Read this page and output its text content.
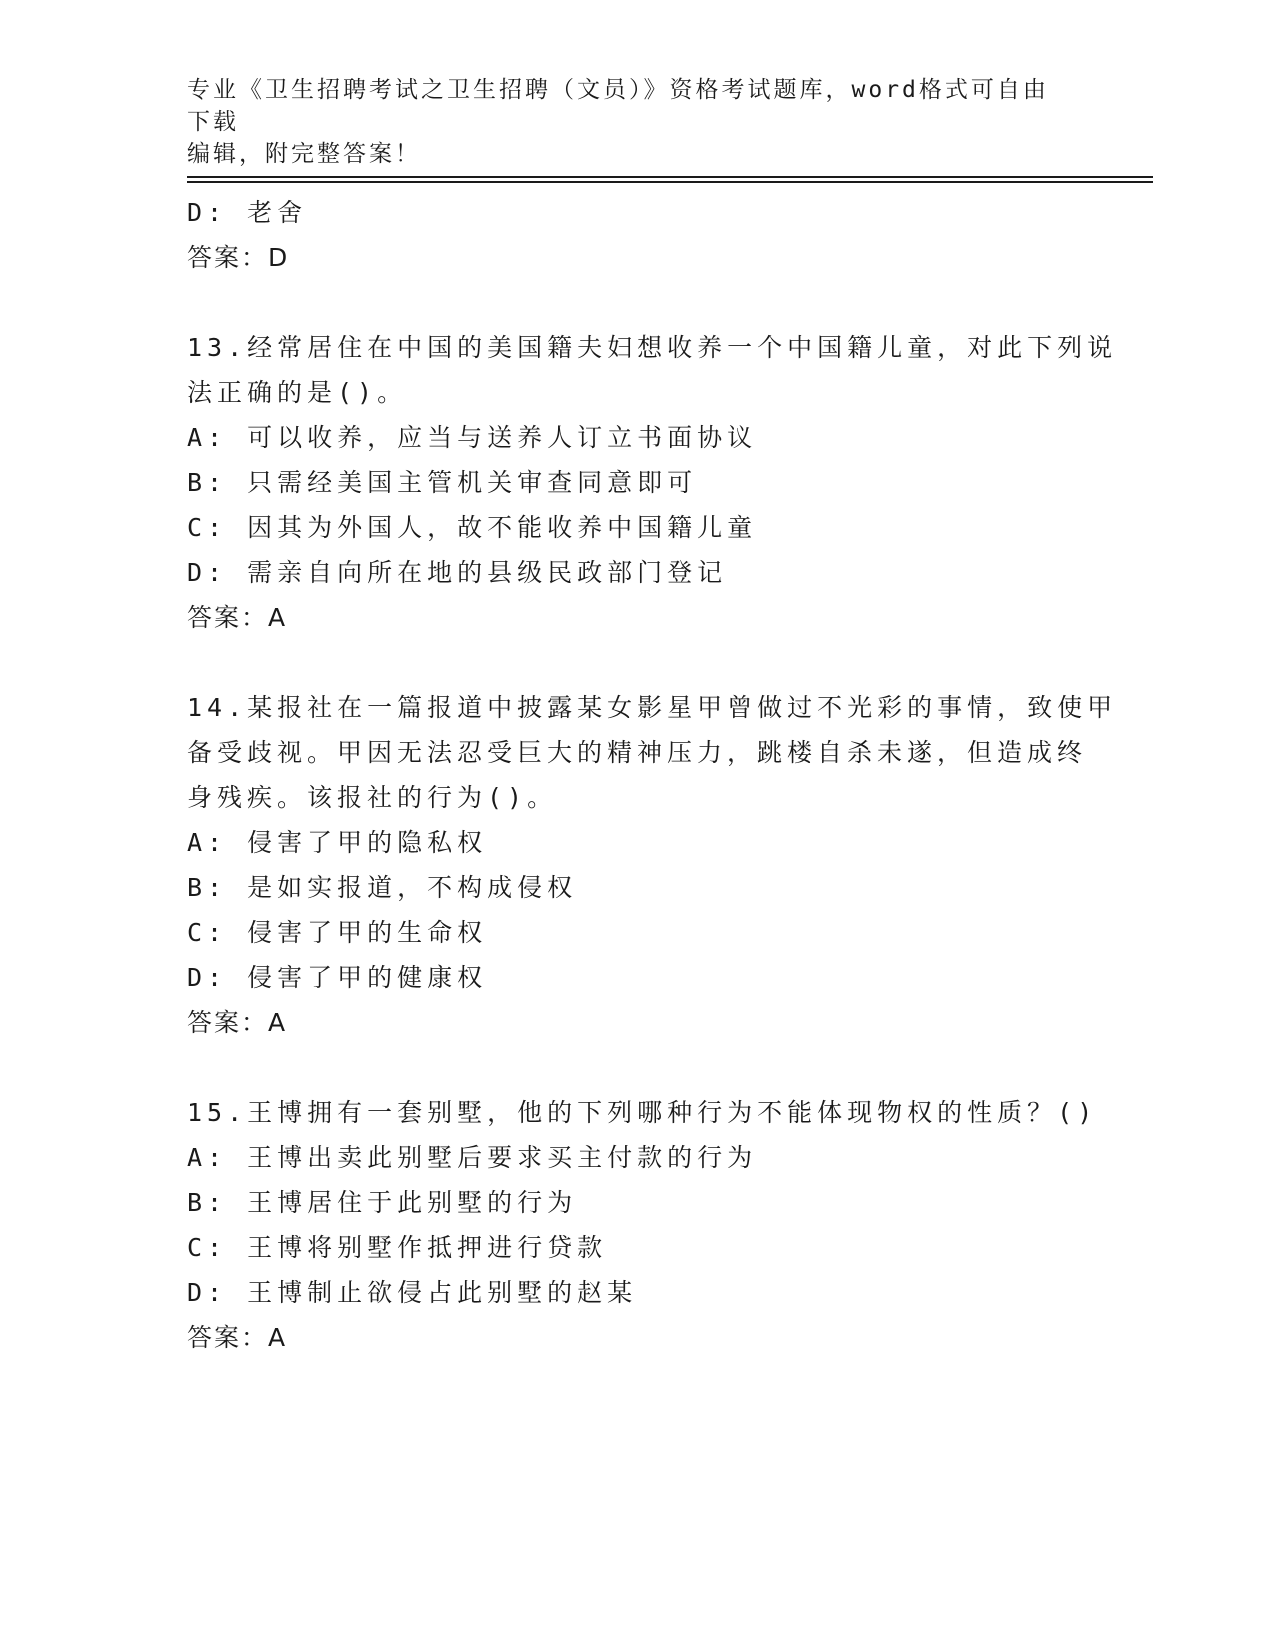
专业《卫生招聘考试之卫生招聘（文员）》资格考试题库，word格式可自由下载
编辑，附完整答案！
D: 老舍
答案：D
13.经常居住在中国的美国籍夫妇想收养一个中国籍儿童，对此下列说
法正确的是()。
A: 可以收养，应当与送养人订立书面协议
B: 只需经美国主管机关审查同意即可
C: 因其为外国人，故不能收养中国籍儿童
D: 需亲自向所在地的县级民政部门登记
答案：A
14.某报社在一篇报道中披露某女影星甲曾做过不光彩的事情，致使甲
备受歧视。甲因无法忍受巨大的精神压力，跳楼自杀未遂，但造成终
身残疾。该报社的行为()。
A: 侵害了甲的隐私权
B: 是如实报道，不构成侵权
C: 侵害了甲的生命权
D: 侵害了甲的健康权
答案：A
15.王博拥有一套别墅，他的下列哪种行为不能体现物权的性质？()
A: 王博出卖此别墅后要求买主付款的行为
B: 王博居住于此别墅的行为
C: 王博将别墅作抵押进行贷款
D: 王博制止欲侵占此别墅的赵某
答案：A
